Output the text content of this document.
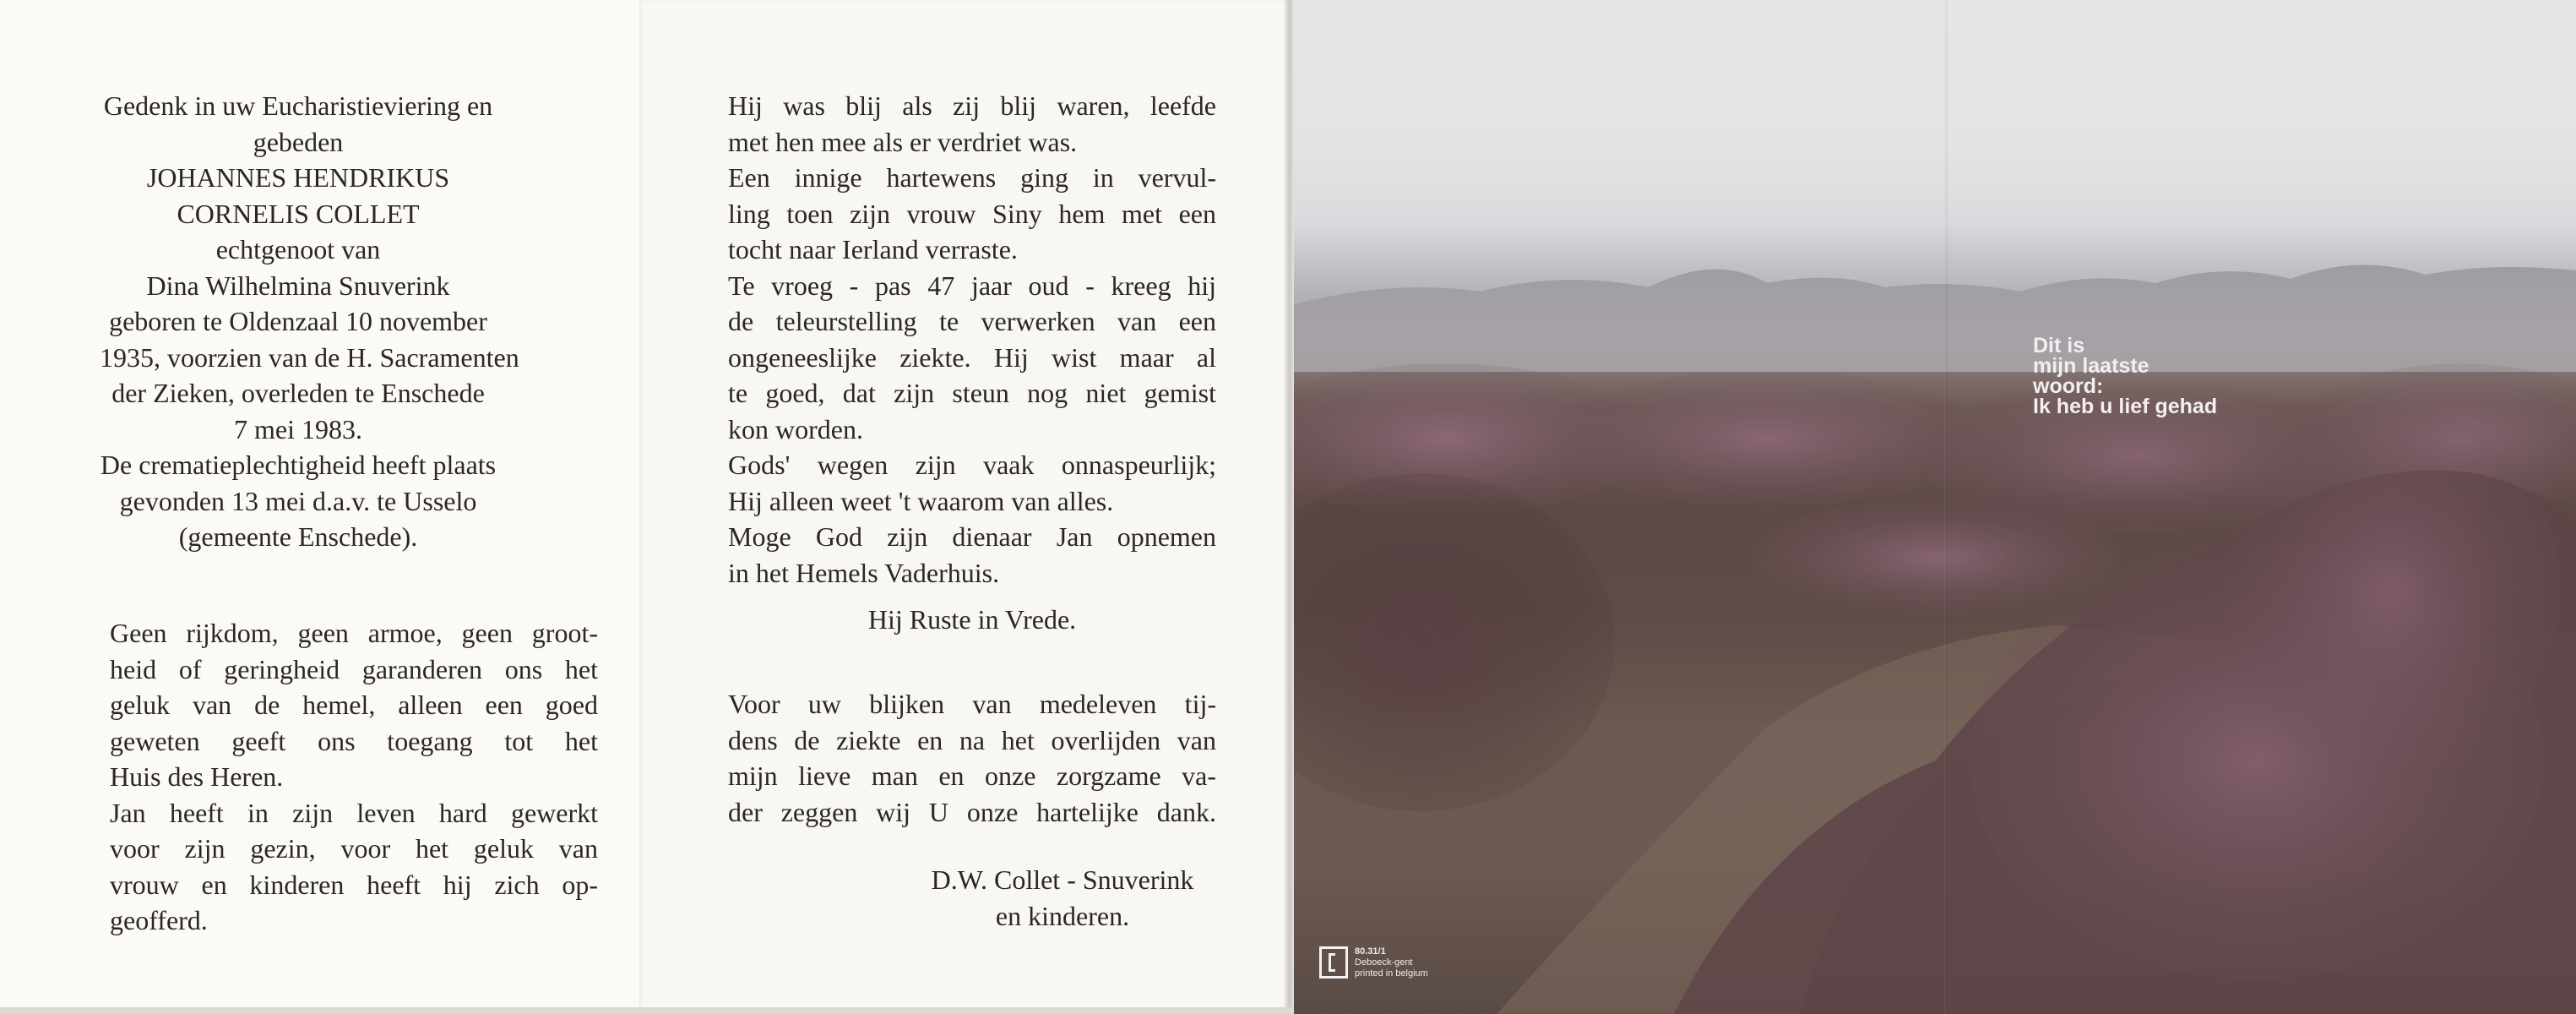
Gedenk in uw Eucharistieviering en
gebeden
JOHANNES HENDRIKUS
CORNELIS COLLET
echtgenoot van
Dina Wilhelmina Snuverink
geboren te Oldenzaal 10 november
1935, voorzien van de H. Sacramenten
der Zieken, overleden te Enschede
7 mei 1983.
De crematieplechtigheid heeft plaats
gevonden 13 mei d.a.v. te Usselo
(gemeente Enschede).
Geen rijkdom, geen armoe, geen groot-
heid of geringheid garanderen ons het
geluk van de hemel, alleen een goed
geweten geeft ons toegang tot het
Huis des Heren.
Jan heeft in zijn leven hard gewerkt
voor zijn gezin, voor het geluk van
vrouw en kinderen heeft hij zich op-
geofferd.
Hij was blij als zij blij waren, leefde
met hen mee als er verdriet was.
Een innige hartewens ging in vervul-
ling toen zijn vrouw Siny hem met een
tocht naar Ierland verraste.
Te vroeg - pas 47 jaar oud - kreeg hij
de teleurstelling te verwerken van een
ongeneeslijke ziekte. Hij wist maar al
te goed, dat zijn steun nog niet gemist
kon worden.
Gods' wegen zijn vaak onnaspeurlijk;
Hij alleen weet 't waarom van alles.
Moge God zijn dienaar Jan opnemen
in het Hemels Vaderhuis.
Hij Ruste in Vrede.
Voor uw blijken van medeleven tij-
dens de ziekte en na het overlijden van
mijn lieve man en onze zorgzame va-
der zeggen wij U onze hartelijke dank.
D.W. Collet - Snuverink
en kinderen.
Dit is
mijn laatste
woord:
Ik heb u lief gehad
80.31/1
Deboeck-gent
printed in belgium
